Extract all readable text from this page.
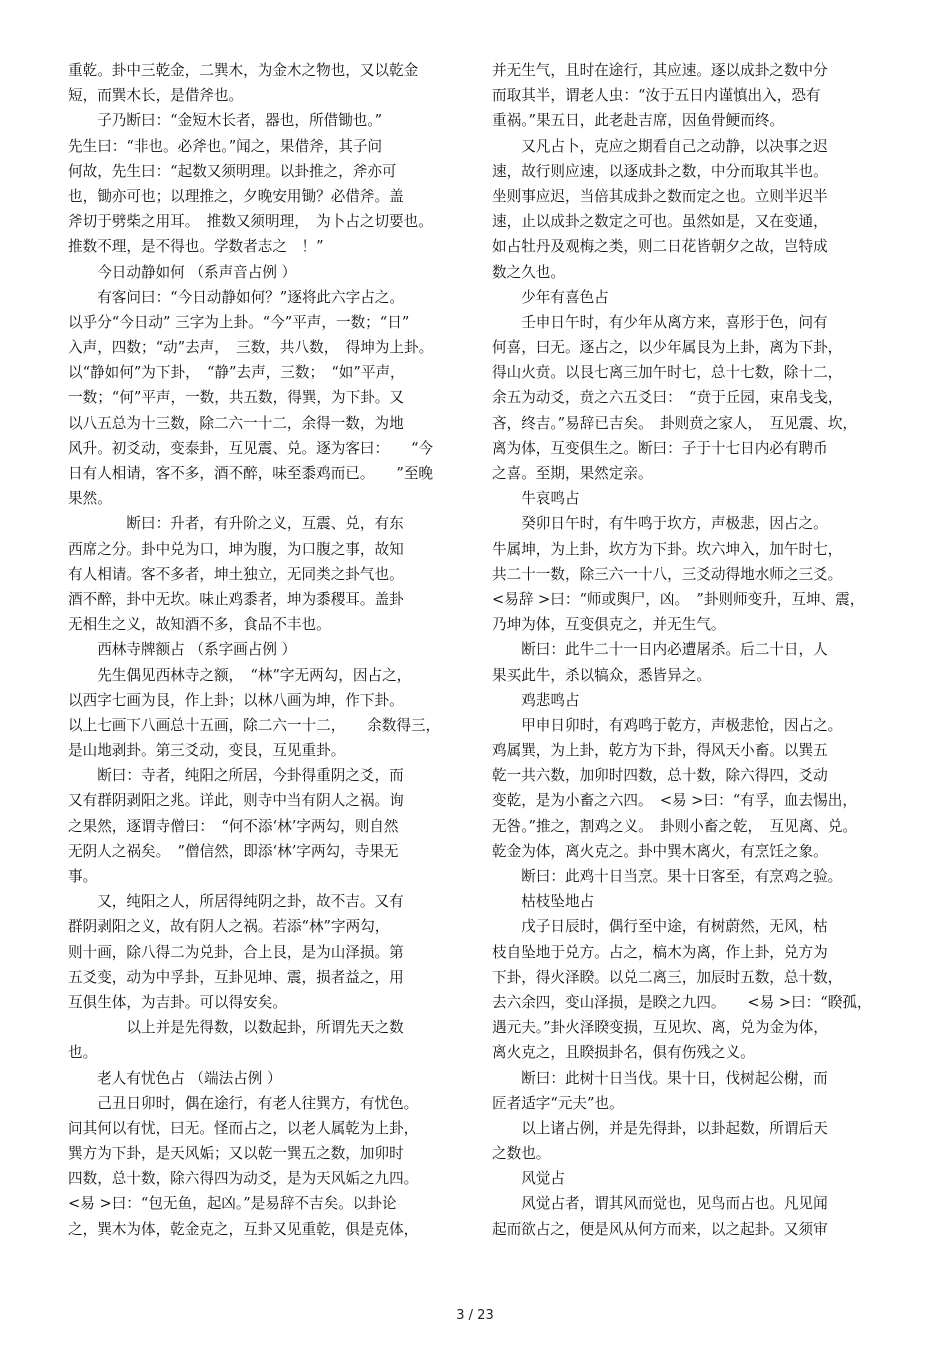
重乾。卦中三乾金，二巽木，为金木之物也，又以乾金
短，而巽木长，是借斧也。
　　子乃断曰：“金短木长者，器也，所借锄也。”
先生曰：“非也。必斧也。”闻之，果借斧，其子问
何故，先生曰：“起数又须明理。以卦推之，斧亦可
也，锄亦可也；以理推之，夕晚安用锄？必借斧。盖
斧切于劈柴之用耳。　推数又须明理，　为卜占之切要也。
推数不理，是不得也。学数者志之　！”
　　今日动静如何 （系声音占例 ）
　　有客问曰：“今日动静如何？”逐将此六字占之。
以乎分“今日动” 三字为上卦。“今”平声，一数；“日”
入声，四数；“动”去声，　三数，共八数，　得坤为上卦。
以“静如何”为下卦，　“静”去声，三数；　“如”平声，
一数；“何”平声，一数，共五数，得巽，为下卦。又
以八五总为十三数，除二六一十二，余得一数，为地
风升。初爻动，变泰卦，互见震、兑。逐为客曰：　　“今
日有人相请，客不多，酒不醉，味至黍鸡而已。　　”至晚
果然。
　　　　断曰：升者，有升阶之义，互震、兑，有东
西席之分。卦中兑为口，坤为腹，为口腹之事，故知
有人相请。客不多者，坤土独立，无同类之卦气也。
酒不醉，卦中无坎。味止鸡黍者，坤为黍稷耳。盖卦
无相生之义，故知酒不多，食品不丰也。
　　西林寺牌额占 （系字画占例 ）
　　先生偶见西林寺之额，　“林”字无两勾，因占之，
以西字七画为艮，作上卦；以林八画为坤，作下卦。
以上七画下八画总十五画，除二六一十二，　　余数得三，
是山地剥卦。第三爻动，变艮，互见重卦。
　　断曰：寺者，纯阳之所居，今卦得重阴之爻，而
又有群阴剥阳之兆。详此，则寺中当有阴人之祸。询
之果然，逐谓寺僧曰：　“何不添‘林’字两勾，则自然
无阴人之祸矣。　”僧信然，即添‘林’字两勾，寺果无
事。
　　又，纯阳之人，所居得纯阴之卦，故不吉。又有
群阴剥阳之义，故有阴人之祸。若添“林”字两勾，
则十画，除八得二为兑卦，合上艮，是为山泽损。第
五爻变，动为中孚卦，互卦见坤、震，损者益之，用
互俱生体，为吉卦。可以得安矣。
　　　　以上并是先得数，以数起卦，所谓先天之数
也。
　　老人有忧色占 （端法占例 ）
　　己丑日卯时，偶在途行，有老人往巽方，有忧色。
问其何以有忧，曰无。怪而占之，以老人属乾为上卦，
巽方为下卦，是天风姤；又以乾一巽五之数，加卯时
四数，总十数，除六得四为动爻，是为天风姤之九四。
<易 >曰：“包无鱼，起凶。”是易辞不吉矣。以卦论
之，巽木为体，乾金克之，互卦又见重乾，俱是克体，
并无生气，且时在途行，其应速。逐以成卦之数中分
而取其半，谓老人虫：“汝于五日内谨慎出入，恐有
重祸。”果五日，此老赴吉席，因鱼骨鲠而终。
　　又凡占卜，克应之期看自己之动静，以决事之迟
速，故行则应速，以逐成卦之数，中分而取其半也。
坐则事应迟，当倍其成卦之数而定之也。立则半迟半
速，止以成卦之数定之可也。虽然如是，又在变通，
如占牡丹及观梅之类，则二日花皆朝夕之故，岂特成
数之久也。
　　少年有喜色占
　　壬申日午时，有少年从离方来，喜形于色，问有
何喜，曰无。逐占之，以少年属艮为上卦，离为下卦，
得山火贲。以艮七离三加午时七，总十七数，除十二，
余五为动爻，贲之六五爻曰：　“贲于丘园，束帛戋戋，
吝，终吉。”易辞已吉矣。　卦则贲之家人，　互见震、坎，
离为体，互变俱生之。断曰：子于十七日内必有聘币
之喜。至期，果然定亲。
　　牛哀鸣占
　　癸卯日午时，有牛鸣于坎方，声极悲，因占之。
牛属坤，为上卦，坎方为下卦。坎六坤入，加午时七，
共二十一数，除三六一十八，三爻动得地水师之三爻。
<易辞 >曰：“师或舆尸，凶。　”卦则师变升，互坤、震，
乃坤为体，互变俱克之，并无生气。
　　断曰：此牛二十一日内必遭屠杀。后二十日，人
果买此牛，杀以犒众，悉皆异之。
　　鸡悲鸣占
　　甲申日卯时，有鸡鸣于乾方，声极悲怆，因占之。
鸡属巽，为上卦，乾方为下卦，得风天小畜。以巽五
乾一共六数，加卯时四数，总十数，除六得四，爻动
变乾，是为小畜之六四。　<易 >曰：“有孚，血去惕出，
无咎。”推之，割鸡之义。　卦则小畜之乾，　互见离、兑。
乾金为体，离火克之。卦中巽木离火，有烹饪之象。
　　断曰：此鸡十日当烹。果十日客至，有烹鸡之验。
　　枯枝坠地占
　　戊子日辰时，偶行至中途，有树蔚然，无风，枯
枝自坠地于兑方。占之，槁木为离，作上卦，兑方为
下卦，得火泽睽。以兑二离三，加辰时五数，总十数，
去六余四，变山泽损，是睽之九四。　　<易 >曰：“睽孤，
遇元夫。”卦火泽睽变损，互见坎、离，兑为金为体，
离火克之，且睽损卦名，俱有伤残之义。
　　断曰：此树十日当伐。果十日，伐树起公榭，而
匠者适字“元夫”也。
　　以上诸占例，并是先得卦，以卦起数，所谓后天
之数也。
　　风觉占
　　风觉占者，谓其风而觉也，见鸟而占也。凡见闻
起而欲占之，便是风从何方而来，以之起卦。又须审
3 / 23
